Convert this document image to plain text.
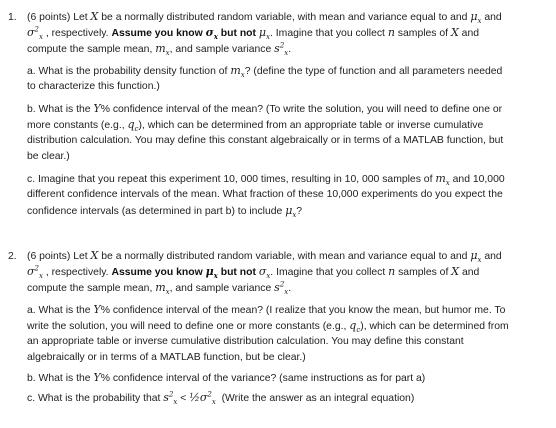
1. (6 points) Let X be a normally distributed random variable, with mean and variance equal to and $\mu_x$ and
$\sigma^2_x$ , respectively. Assume you know $\sigma_x$ but not $\mu_x$. Imagine that you collect n samples of X and
compute the sample mean, $m_x$, and sample variance $s^2_x$.
a. What is the probability density function of $m_x$? (define the type of function and all parameters needed
to characterize this function.)
b. What is the Y% confidence interval of the mean? (To write the solution, you will need to define one or
more constants (e.g., $q_c$), which can be determined from an appropriate table or inverse cumulative
distribution calculation. You may define this constant algebraically or in terms of a MATLAB function, but
be clear.)
c. Imagine that you repeat this experiment 10, 000 times, resulting in 10, 000 samples of $m_x$ and 10,000
different confidence intervals of the mean. What fraction of these 10,000 experiments do you expect the
confidence intervals (as determined in part b) to include $\mu_x$?
2. (6 points) Let X be a normally distributed random variable, with mean and variance equal to and $\mu_x$ and
$\sigma^2_x$ , respectively. Assume you know $\mu_x$ but not $\sigma_x$. Imagine that you collect n samples of X and
compute the sample mean, $m_x$, and sample variance $s^2_x$.
a. What is the Y% confidence interval of the mean? (I realize that you know the mean, but humor me. To
write the solution, you will need to define one or more constants (e.g., $q_c$), which can be determined from
an appropriate table or inverse cumulative distribution calculation. You may define this constant
algebraically or in terms of a MATLAB function, but be clear.)
b. What is the Y% confidence interval of the variance? (same instructions as for part a)
c. What is the probability that $s^2_x$ < $\frac{1}{2}\sigma^2_x$  (Write the answer as an integral equation)
